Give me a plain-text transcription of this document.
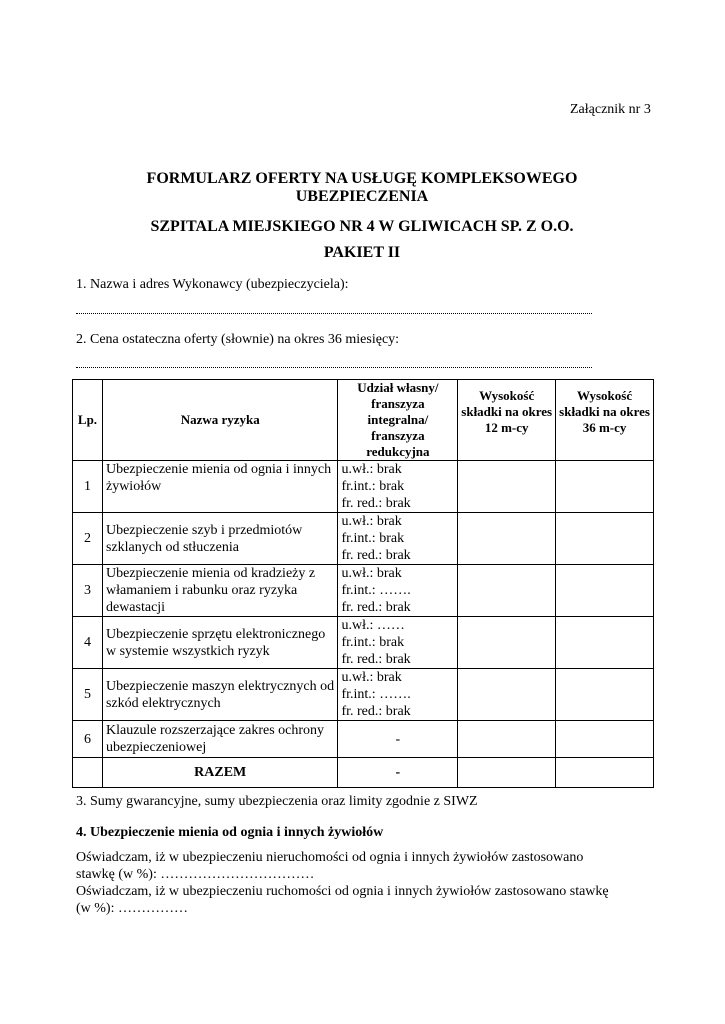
Załącznik nr 3
FORMULARZ OFERTY NA USŁUGĘ KOMPLEKSOWEGO
UBEZPIECZENIA
SZPITALA MIEJSKIEGO NR 4 W GLIWICACH SP. Z O.O.
PAKIET II
1. Nazwa i adres Wykonawcy (ubezpieczyciela):
2. Cena ostateczna oferty (słownie) na okres 36 miesięcy:
Lp.	Nazwa ryzyka	Udział własny/ franszyza integralna/ franszyza redukcyjna	Wysokość składki na okres 12 m-cy	Wysokość składki na okres 36 m-cy
1	Ubezpieczenie mienia od ognia i innych żywiołów	u.wł.: brak
fr.int.: brak
fr. red.: brak		

2	Ubezpieczenie szyb i przedmiotów szklanych od stłuczenia	u.wł.: brak
fr.int.: brak
fr. red.: brak		

3	Ubezpieczenie mienia od kradzieży z włamaniem i rabunku oraz ryzyka dewastacji	u.wł.: brak
fr.int.: …….
fr. red.: brak		

4	Ubezpieczenie sprzętu elektronicznego w systemie wszystkich ryzyk	u.wł.: ……
fr.int.: brak
fr. red.: brak		

5	Ubezpieczenie maszyn elektrycznych od szkód elektrycznych	u.wł.: brak
fr.int.: …….
fr. red.: brak		

6	Klauzule rozszerzające zakres ochrony ubezpieczeniowej	-		
	RAZEM	-		
3. Sumy gwarancyjne, sumy ubezpieczenia oraz limity zgodnie z SIWZ
4. Ubezpieczenie mienia od ognia i innych żywiołów
Oświadczam, iż w ubezpieczeniu nieruchomości od ognia i innych żywiołów zastosowano
stawkę (w %): ……………………………
Oświadczam, iż w ubezpieczeniu ruchomości od ognia i innych żywiołów zastosowano stawkę
(w %): ……………
